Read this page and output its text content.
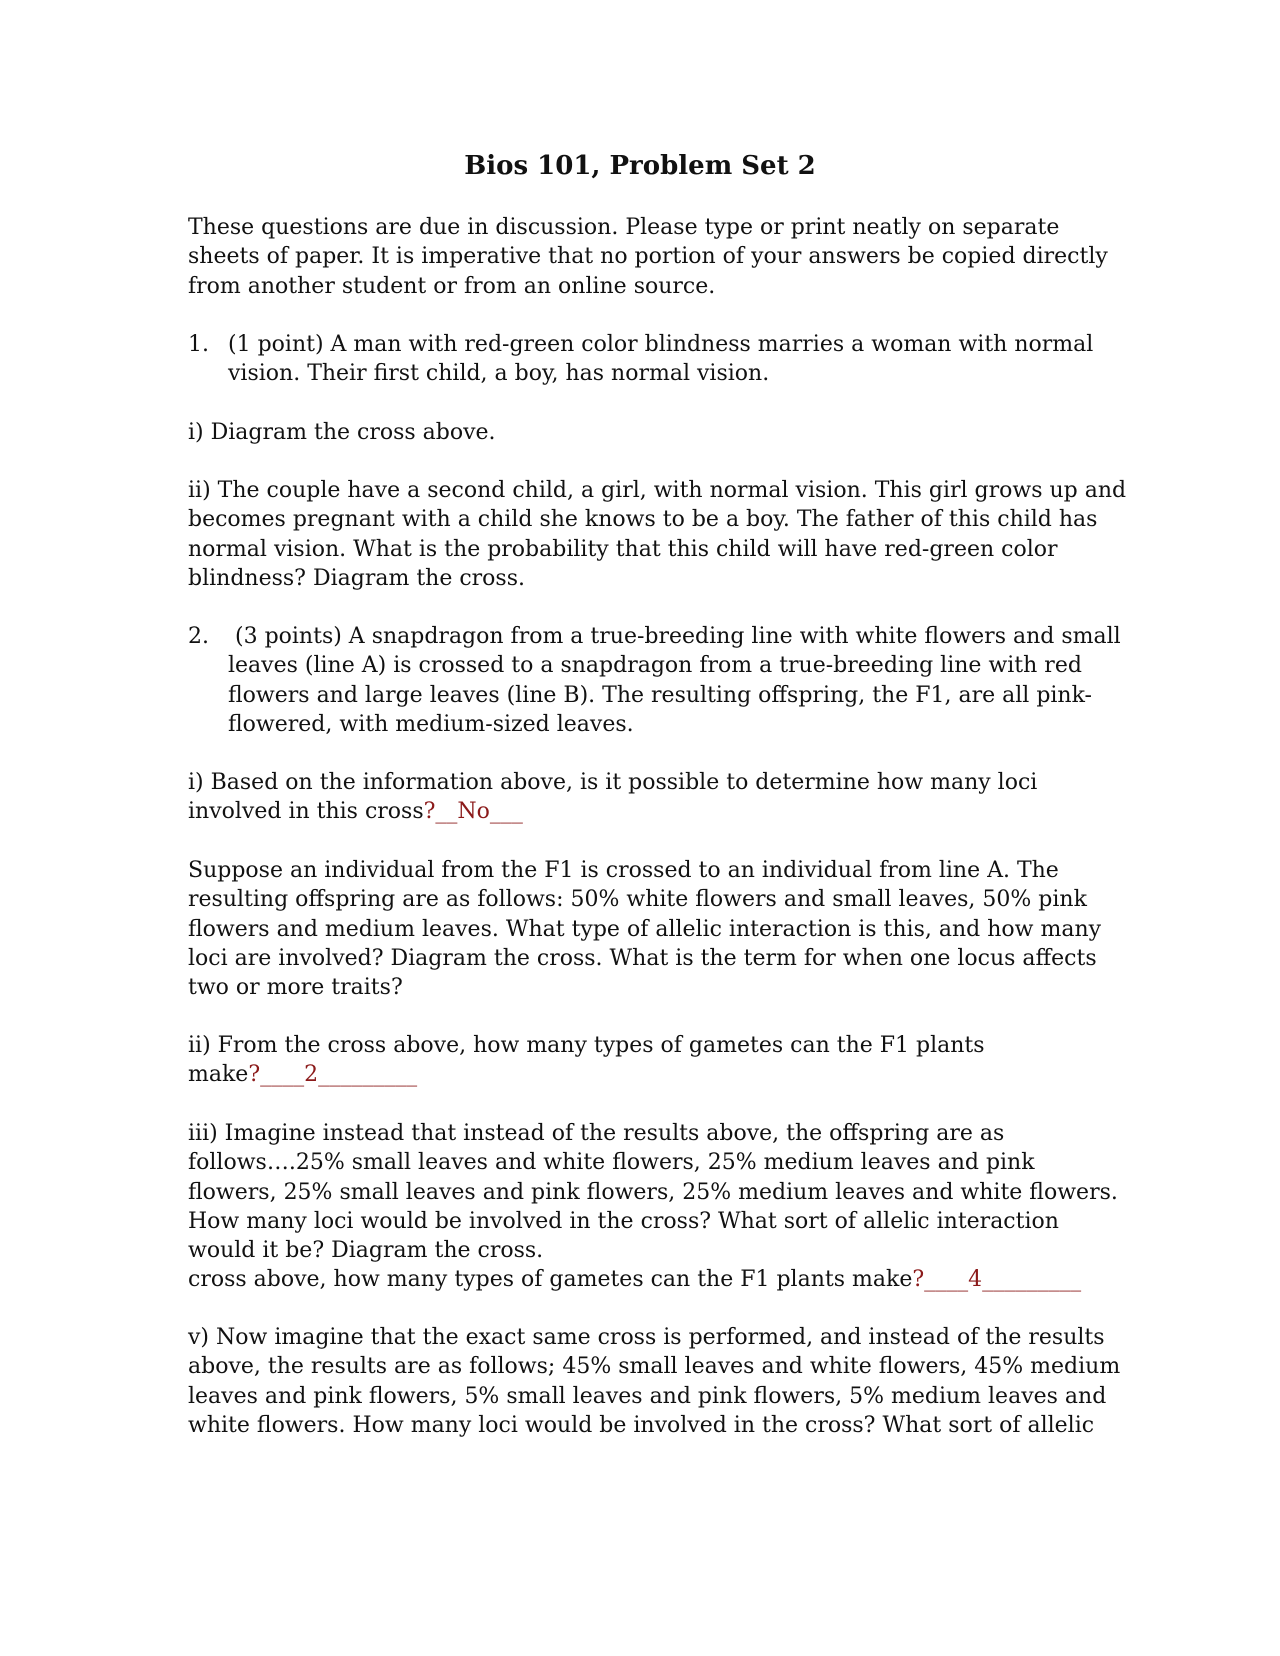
Bios 101, Problem Set 2
These questions are due in discussion. Please type or print neatly on separate
sheets of paper. It is imperative that no portion of your answers be copied directly
from another student or from an online source.
1. (1 point) A man with red-green color blindness marries a woman with normal
vision. Their first child, a boy, has normal vision.
i) Diagram the cross above.
ii) The couple have a second child, a girl, with normal vision. This girl grows up and
becomes pregnant with a child she knows to be a boy. The father of this child has
normal vision. What is the probability that this child will have red-green color
blindness? Diagram the cross.
2. (3 points) A snapdragon from a true-breeding line with white flowers and small
leaves (line A) is crossed to a snapdragon from a true-breeding line with red
flowers and large leaves (line B). The resulting offspring, the F1, are all pink-
flowered, with medium-sized leaves.
i) Based on the information above, is it possible to determine how many loci
involved in this cross?__No___
Suppose an individual from the F1 is crossed to an individual from line A. The
resulting offspring are as follows: 50% white flowers and small leaves, 50% pink
flowers and medium leaves. What type of allelic interaction is this, and how many
loci are involved? Diagram the cross. What is the term for when one locus affects
two or more traits?
ii) From the cross above, how many types of gametes can the F1 plants
make?____2_________
iii) Imagine instead that instead of the results above, the offspring are as
follows….25% small leaves and white flowers, 25% medium leaves and pink
flowers, 25% small leaves and pink flowers, 25% medium leaves and white flowers.
How many loci would be involved in the cross? What sort of allelic interaction
would it be? Diagram the cross.
cross above, how many types of gametes can the F1 plants make?____4_________
v) Now imagine that the exact same cross is performed, and instead of the results
above, the results are as follows; 45% small leaves and white flowers, 45% medium
leaves and pink flowers, 5% small leaves and pink flowers, 5% medium leaves and
white flowers. How many loci would be involved in the cross? What sort of allelic
